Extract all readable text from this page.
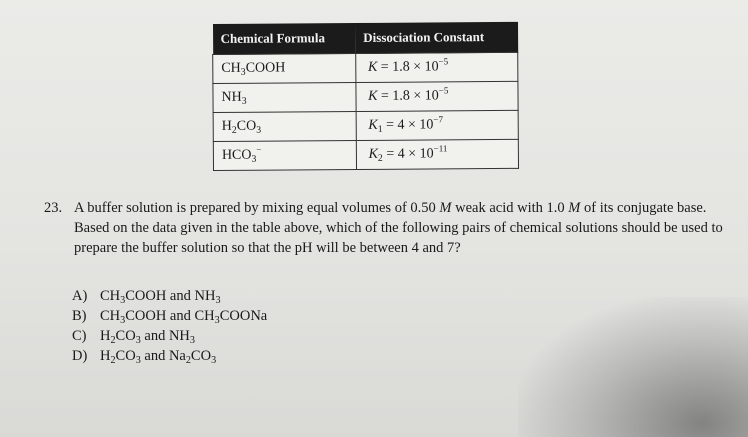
Chemical Formula	Dissociation Constant
$CH_3COOH$	$K = 1.8 \times 10^{-5}$
$NH_3$	$K = 1.8 \times 10^{-5}$
$H_2CO_3$	$K_1 = 4 \times 10^{-7}$
$HCO_3^-$	$K_2 = 4 \times 10^{-11}$
23. A buffer solution is prepared by mixing equal volumes of 0.50 M weak acid with 1.0 M of its conjugate base. Based on the data given in the table above, which of the following pairs of chemical solutions should be used to prepare the buffer solution so that the pH will be between 4 and 7?
A) $CH_3COOH$ and $NH_3$
B) $CH_3COOH$ and $CH_3COONa$
C) $H_2CO_3$ and $NH_3$
D) $H_2CO_3$ and $Na_2CO_3$
